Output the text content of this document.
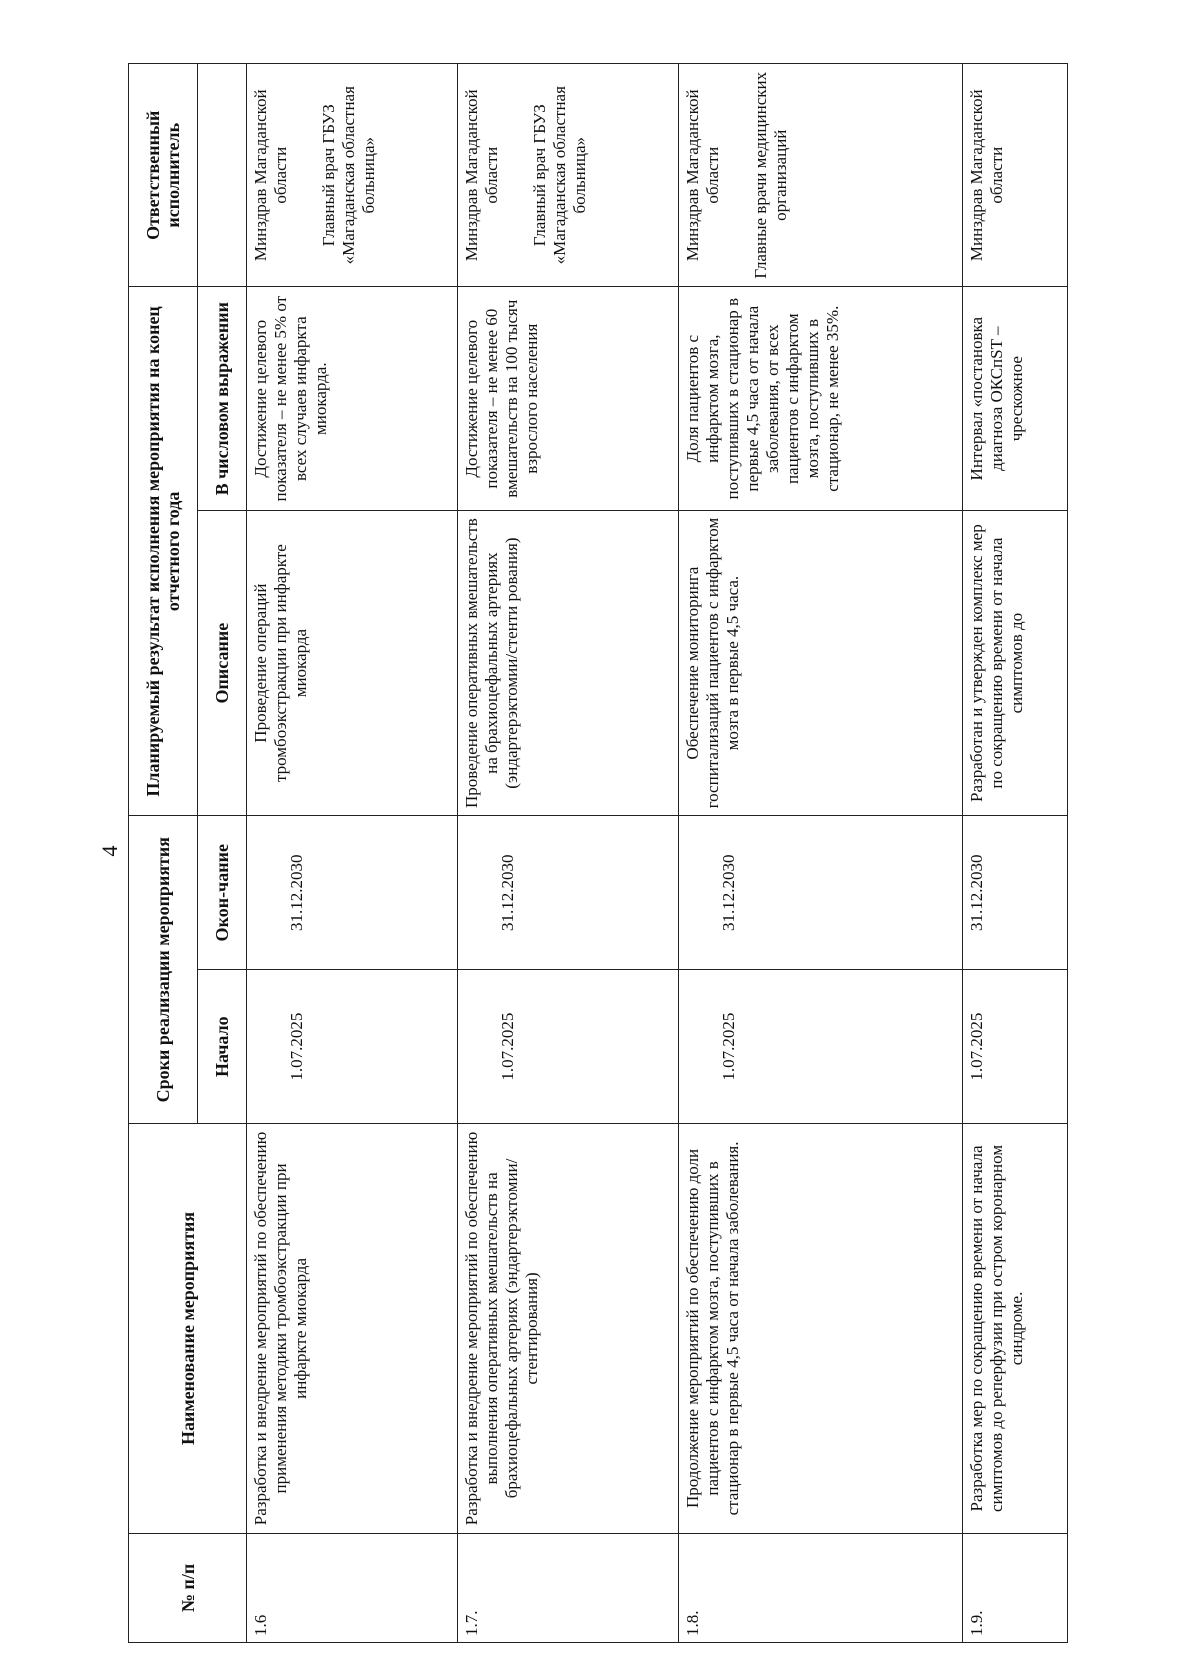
4
№ п/п	Наименование мероприятия	Сроки реализации мероприятия		Планируемый результат исполнения мероприятия на конец отчетного года		Ответственный исполнитель
		Начало	Окон-чание	Описание	В числовом выражении	
1.6	Разработка и внедрение мероприятий по обеспечению применения методики тромбоэкстракции при инфаркте миокарда	1.07.2025	31.12.2030	Проведение операций тромбоэкстракции при инфаркте миокарда	Достижение целевого показателя – не менее 5% от всех случаев инфаркта миокарда.	Минздрав Магаданской области Главный врач ГБУЗ «Магаданская областная больница»

1.7.	Разработка и внедрение мероприятий по обеспечению выполнения оперативных вмешательств на брахиоцефальных артериях (эндартерэктомии/стентирования)	1.07.2025	31.12.2030	Проведение оперативных вмешательств на брахиоцефальных артериях (эндартерэктомии/стенти рования)	Достижение целевого показателя – не менее 60 вмешательств на 100 тысяч взрослого населения	Минздрав Магаданской области Главный врач ГБУЗ «Магаданская областная больница»

1.8.	Продолжение мероприятий по обеспечению доли пациентов с инфарктом мозга, поступивших в стационар в первые 4,5 часа от начала заболевания.	1.07.2025	31.12.2030	Обеспечение мониторинга госпитализаций пациентов с инфарктом мозга в первые 4,5 часа.	Доля пациентов с инфарктом мозга, поступивших в стационар в первые 4,5 часа от начала заболевания, от всех пациентов с инфарктом мозга, поступивших в стационар, не менее 35%.	Минздрав Магаданской области Главные врачи медицинских организаций

1.9.	Разработка мер по сокращению времени от начала симптомов до реперфузии при остром коронарном синдроме.	1.07.2025	31.12.2030	Разработан и утвержден комплекс мер по сокращению времени от начала симптомов до	Интервал «постановка диагноза ОКСпST – чрескожное	Минздрав Магаданской области
